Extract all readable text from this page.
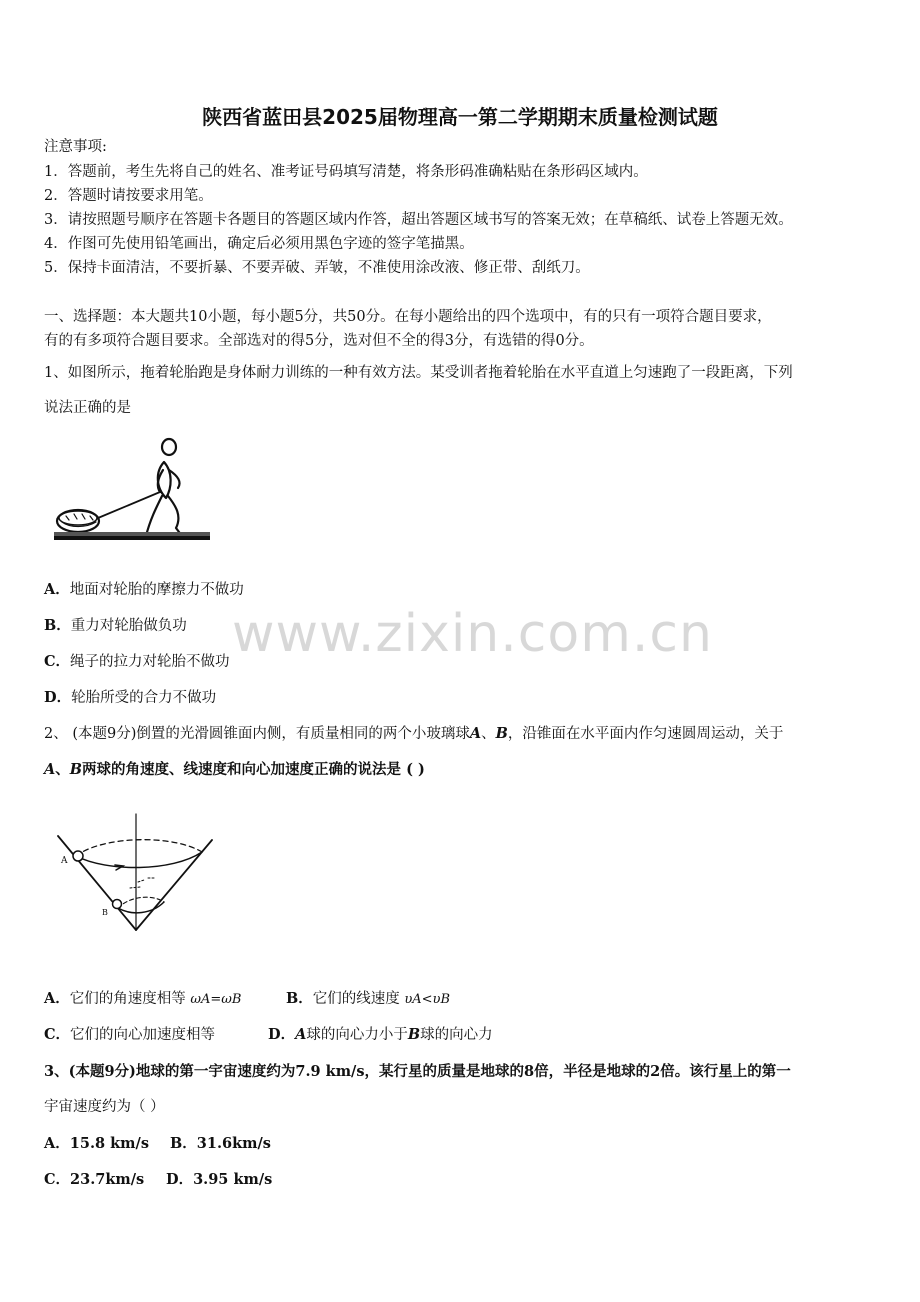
www.zixin.com.cn
陕西省蓝田县2025届物理高一第二学期期末质量检测试题
注意事项:
1．答题前，考生先将自己的姓名、准考证号码填写清楚，将条形码准确粘贴在条形码区域内。
2．答题时请按要求用笔。
3．请按照题号顺序在答题卡各题目的答题区域内作答，超出答题区域书写的答案无效；在草稿纸、试卷上答题无效。
4．作图可先使用铅笔画出，确定后必须用黑色字迹的签字笔描黑。
5．保持卡面清洁，不要折暴、不要弄破、弄皱，不准使用涂改液、修正带、刮纸刀。
一、选择题：本大题共10小题，每小题5分，共50分。在每小题给出的四个选项中，有的只有一项符合题目要求，
有的有多项符合题目要求。全部选对的得5分，选对但不全的得3分，有选错的得0分。
1、如图所示，拖着轮胎跑是身体耐力训练的一种有效方法。某受训者拖着轮胎在水平直道上匀速跑了一段距离，下列
说法正确的是
A．地面对轮胎的摩擦力不做功
B．重力对轮胎做负功
C．绳子的拉力对轮胎不做功
D．轮胎所受的合力不做功
2、 (本题9分)倒置的光滑圆锥面内侧，有质量相同的两个小玻璃球A、B，沿锥面在水平面内作匀速圆周运动，关于
A、B两球的角速度、线速度和向心加速度正确的说法是 ( )
A
B
A．它们的角速度相等 ωA=ωB	B．它们的线速度 υA<υB
C．它们的向心加速度相等	D．A球的向心力小于B球的向心力
3、(本题9分)地球的第一宇宙速度约为7.9 km/s，某行星的质量是地球的8倍，半径是地球的2倍。该行星上的第一
宇宙速度约为（ ）
A．15.8 km/s B．31.6km/s
C．23.7km/s D．3.95 km/s
